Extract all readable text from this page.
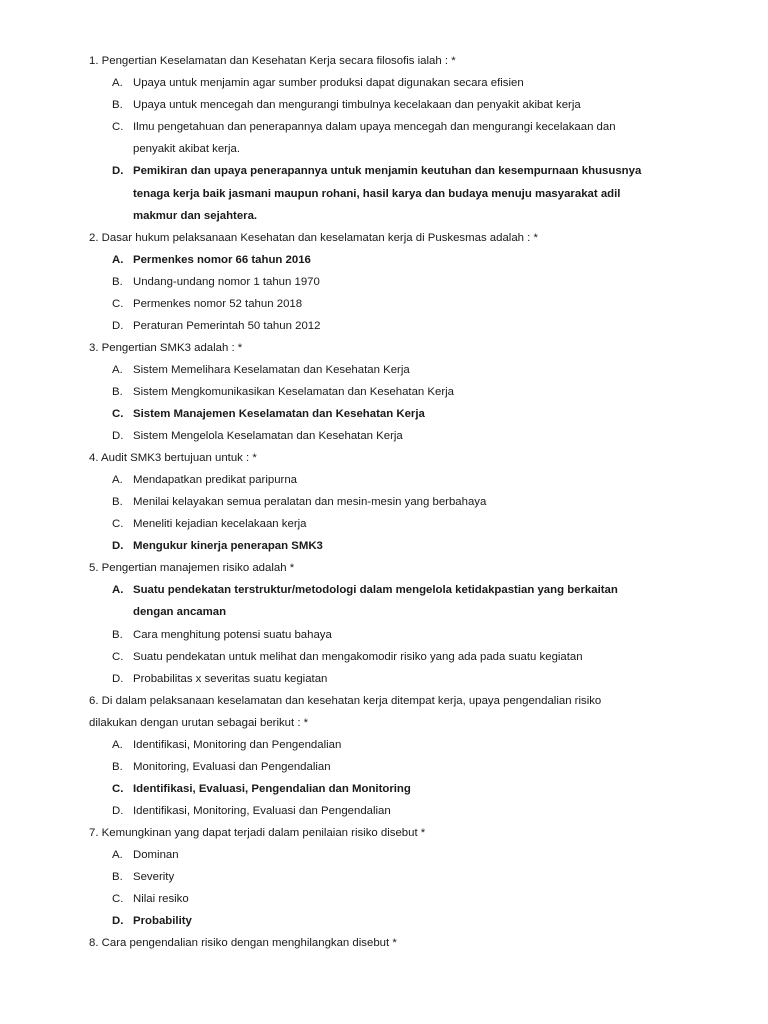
1. Pengertian Keselamatan dan Kesehatan Kerja secara filosofis ialah : *
A. Upaya untuk menjamin agar sumber produksi dapat digunakan secara efisien
B. Upaya untuk mencegah dan mengurangi timbulnya kecelakaan dan penyakit akibat kerja
C. Ilmu pengetahuan dan penerapannya dalam upaya mencegah dan mengurangi kecelakaan dan
penyakit akibat kerja.
D. Pemikiran dan upaya penerapannya untuk menjamin keutuhan dan kesempurnaan khususnya
tenaga kerja baik jasmani maupun rohani, hasil karya dan budaya menuju masyarakat adil
makmur dan sejahtera.
2. Dasar hukum pelaksanaan Kesehatan dan keselamatan kerja di Puskesmas adalah : *
A. Permenkes nomor 66 tahun 2016
B. Undang-undang nomor 1 tahun 1970
C. Permenkes nomor 52 tahun 2018
D. Peraturan Pemerintah 50 tahun 2012
3. Pengertian SMK3 adalah : *
A. Sistem Memelihara Keselamatan dan Kesehatan Kerja
B. Sistem Mengkomunikasikan Keselamatan dan Kesehatan Kerja
C. Sistem Manajemen Keselamatan dan Kesehatan Kerja
D. Sistem Mengelola Keselamatan dan Kesehatan Kerja
4. Audit SMK3 bertujuan untuk : *
A. Mendapatkan predikat paripurna
B. Menilai kelayakan semua peralatan dan mesin-mesin yang berbahaya
C. Meneliti kejadian kecelakaan kerja
D. Mengukur kinerja penerapan SMK3
5. Pengertian manajemen risiko adalah *
A. Suatu pendekatan terstruktur/metodologi dalam mengelola ketidakpastian yang berkaitan
dengan ancaman
B. Cara menghitung potensi suatu bahaya
C. Suatu pendekatan untuk melihat dan mengakomodir risiko yang ada pada suatu kegiatan
D. Probabilitas x severitas suatu kegiatan
6. Di dalam pelaksanaan keselamatan dan kesehatan kerja ditempat kerja, upaya pengendalian risiko
dilakukan dengan urutan sebagai berikut : *
A. Identifikasi, Monitoring dan Pengendalian
B. Monitoring, Evaluasi dan Pengendalian
C. Identifikasi, Evaluasi, Pengendalian dan Monitoring
D. Identifikasi, Monitoring, Evaluasi dan Pengendalian
7. Kemungkinan yang dapat terjadi dalam penilaian risiko disebut *
A. Dominan
B. Severity
C. Nilai resiko
D. Probability
8. Cara pengendalian risiko dengan menghilangkan disebut *
